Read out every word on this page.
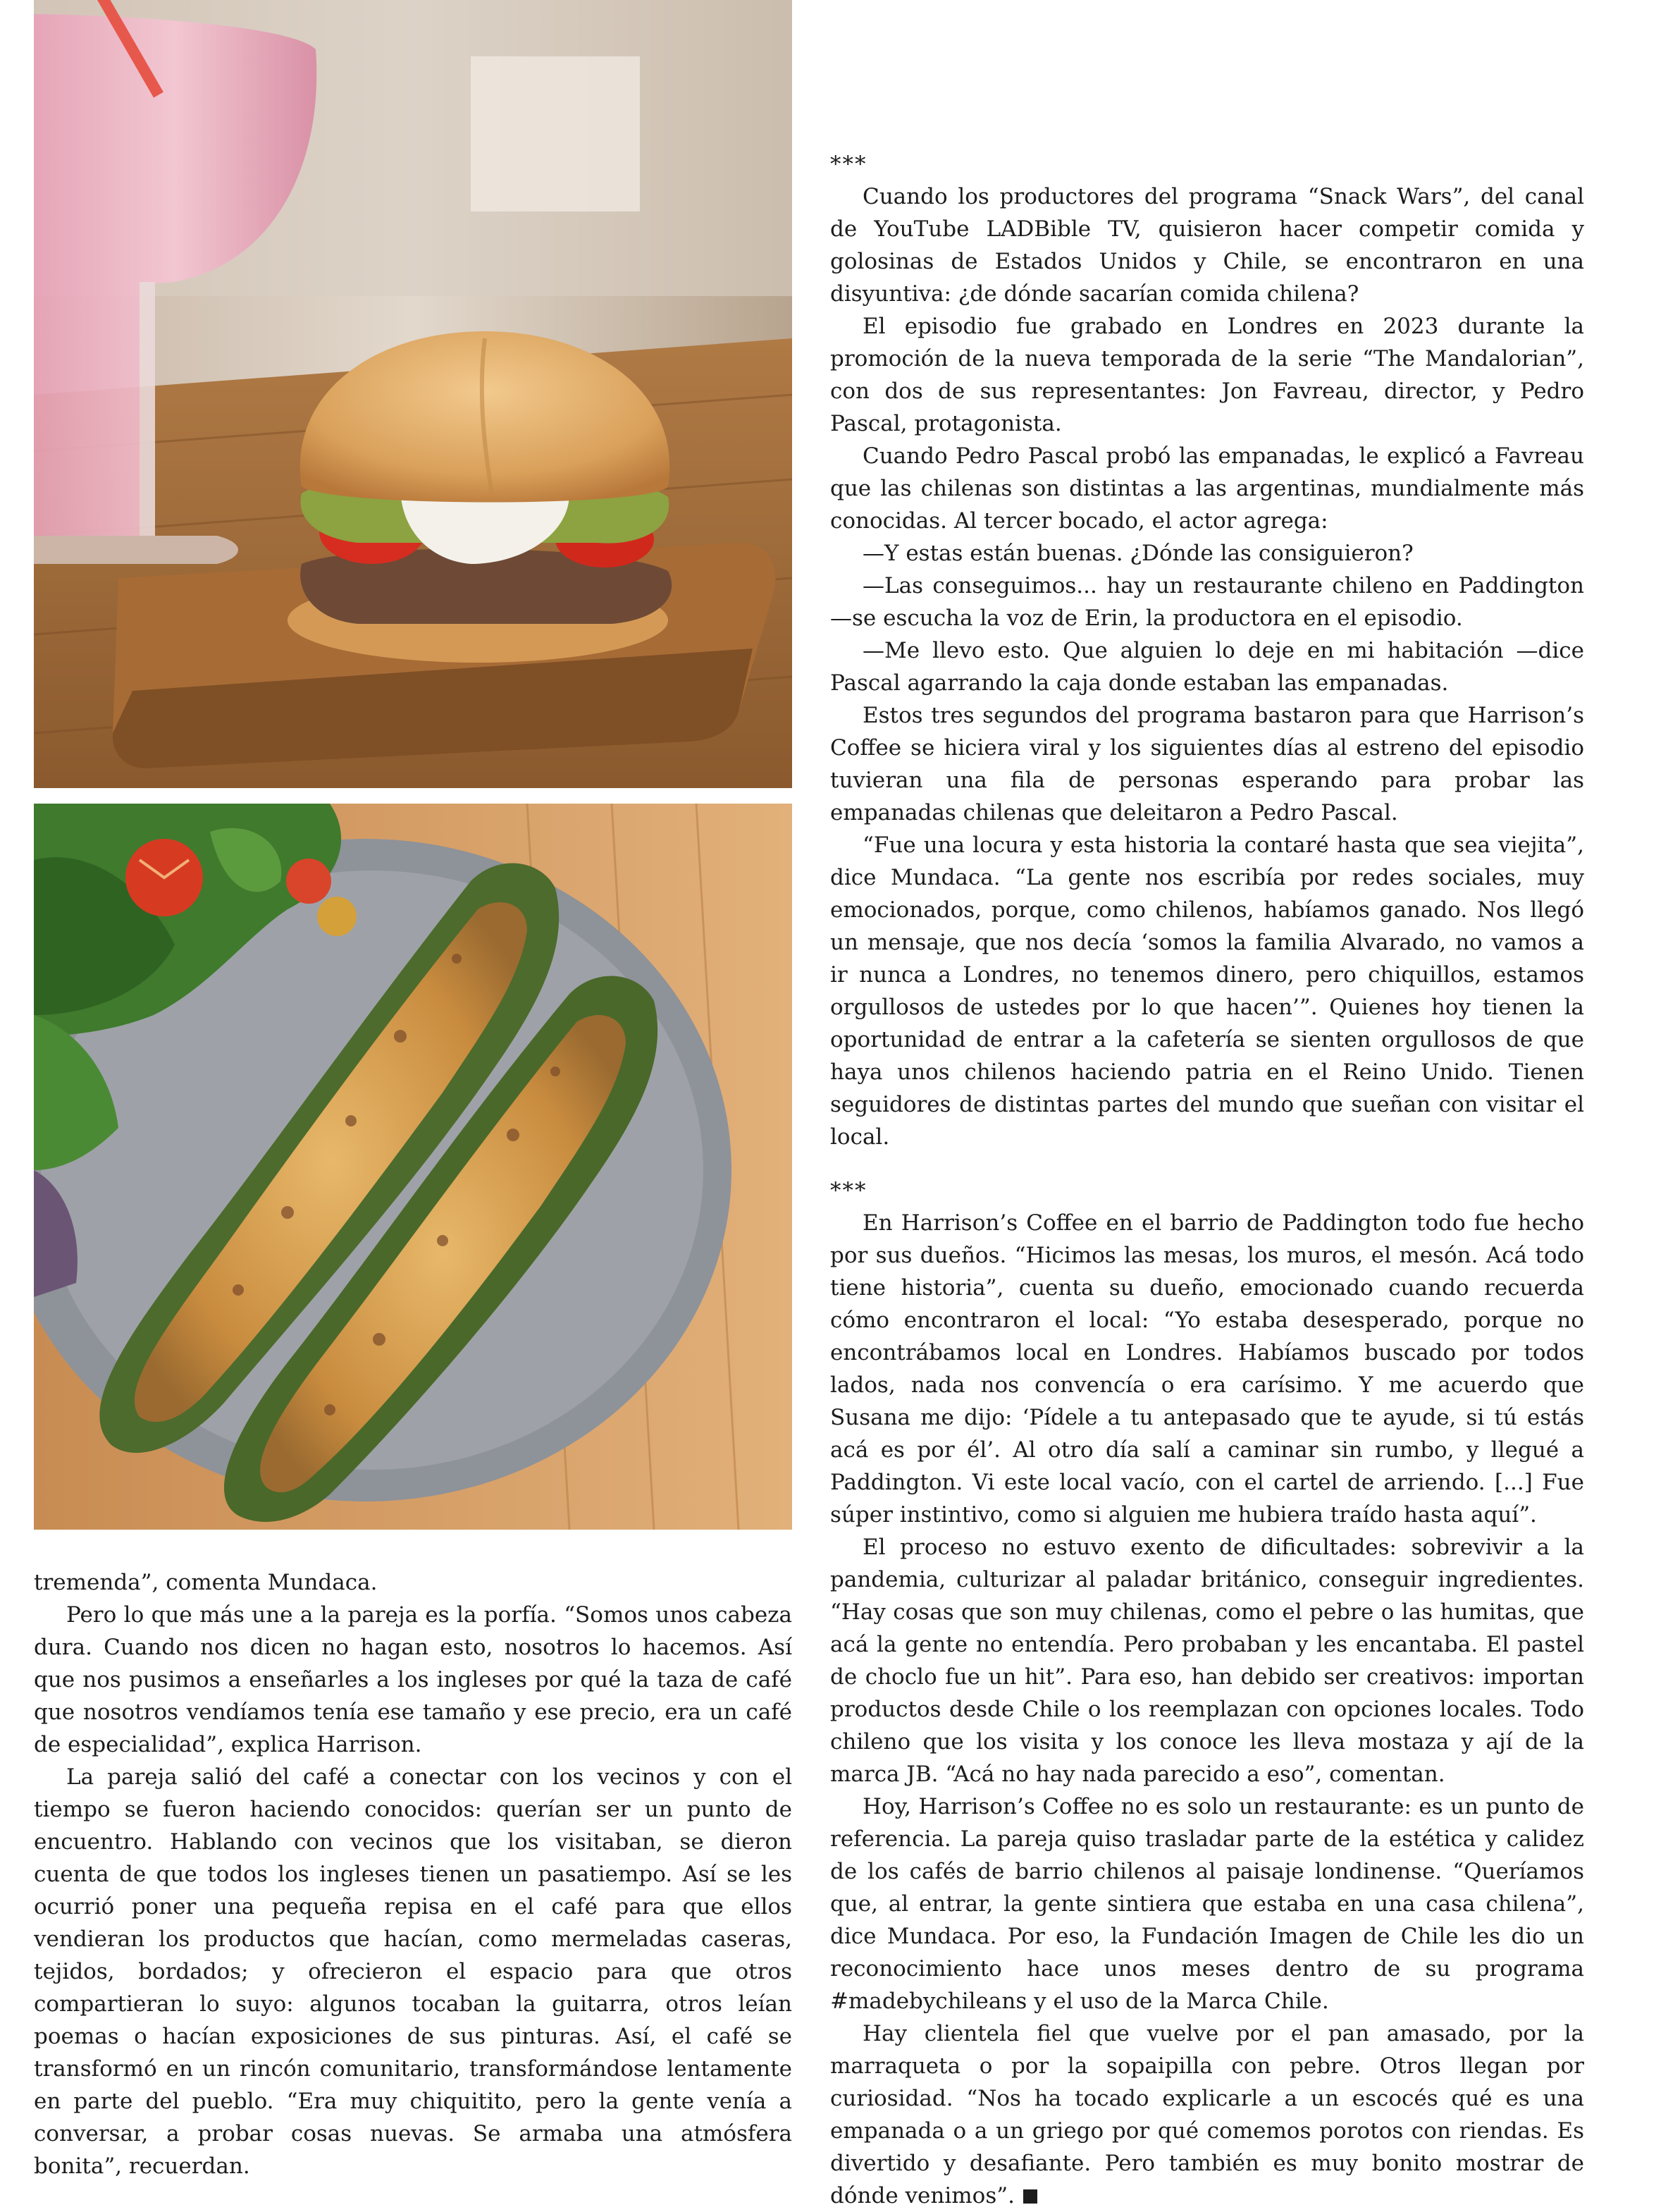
tremenda”, comenta Mundaca.

Pero lo que más une a la pareja es la porfía. “Somos unos cabeza dura. Cuando nos dicen no hagan esto, nosotros lo hacemos. Así que nos pusimos a enseñarles a los ingleses por qué la taza de café que nosotros vendíamos tenía ese tamaño y ese precio, era un café de especialidad”, explica Harrison.

La pareja salió del café a conectar con los vecinos y con el tiempo se fueron haciendo conocidos: querían ser un punto de encuentro. Hablando con vecinos que los visitaban, se dieron cuenta de que todos los ingleses tienen un pasatiempo. Así se les ocurrió poner una pequeña repisa en el café para que ellos vendieran los productos que hacían, como mermeladas caseras, tejidos, bordados; y ofrecieron el espacio para que otros compartieran lo suyo: algunos tocaban la guitarra, otros leían poemas o hacían exposiciones de sus pinturas. Así, el café se transformó en un rincón comunitario, transformándose lentamente en parte del pueblo. “Era muy chiquitito, pero la gente venía a conversar, a probar cosas nuevas. Se armaba una atmósfera bonita”, recuerdan.

***

Cuando los productores del programa “Snack Wars”, del canal de YouTube LADBible TV, quisieron hacer competir comida y golosinas de Estados Unidos y Chile, se encontraron en una disyuntiva: ¿de dónde sacarían comida chilena?

El episodio fue grabado en Londres en 2023 durante la promoción de la nueva temporada de la serie “The Mandalorian”, con dos de sus representantes: Jon Favreau, director, y Pedro Pascal, protagonista.

Cuando Pedro Pascal probó las empanadas, le explicó a Favreau que las chilenas son distintas a las argentinas, mundialmente más conocidas. Al tercer bocado, el actor agrega:

—Y estas están buenas. ¿Dónde las consiguieron?

—Las conseguimos... hay un restaurante chileno en Paddington —se escucha la voz de Erin, la productora en el episodio.

—Me llevo esto. Que alguien lo deje en mi habitación —dice Pascal agarrando la caja donde estaban las empanadas.

Estos tres segundos del programa bastaron para que Harrison’s Coffee se hiciera viral y los siguientes días al estreno del episodio tuvieran una fila de personas esperando para probar las empanadas chilenas que deleitaron a Pedro Pascal.

“Fue una locura y esta historia la contaré hasta que sea viejita”, dice Mundaca. “La gente nos escribía por redes sociales, muy emocionados, porque, como chilenos, habíamos ganado. Nos llegó un mensaje, que nos decía ‘somos la familia Alvarado, no vamos a ir nunca a Londres, no tenemos dinero, pero chiquillos, estamos orgullosos de ustedes por lo que hacen’”. Quienes hoy tienen la oportunidad de entrar a la cafetería se sienten orgullosos de que haya unos chilenos haciendo patria en el Reino Unido. Tienen seguidores de distintas partes del mundo que sueñan con visitar el local.

***

En Harrison’s Coffee en el barrio de Paddington todo fue hecho por sus dueños. “Hicimos las mesas, los muros, el mesón. Acá todo tiene historia”, cuenta su dueño, emocionado cuando recuerda cómo encontraron el local: “Yo estaba desesperado, porque no encontrábamos local en Londres. Habíamos buscado por todos lados, nada nos convencía o era carísimo. Y me acuerdo que Susana me dijo: ‘Pídele a tu antepasado que te ayude, si tú estás acá es por él’. Al otro día salí a caminar sin rumbo, y llegué a Paddington. Vi este local vacío, con el cartel de arriendo. [...] Fue súper instintivo, como si alguien me hubiera traído hasta aquí”.

El proceso no estuvo exento de dificultades: sobrevivir a la pandemia, culturizar al paladar británico, conseguir ingredientes. “Hay cosas que son muy chilenas, como el pebre o las humitas, que acá la gente no entendía. Pero probaban y les encantaba. El pastel de choclo fue un hit”. Para eso, han debido ser creativos: importan productos desde Chile o los reemplazan con opciones locales. Todo chileno que los visita y los conoce les lleva mostaza y ají de la marca JB. “Acá no hay nada parecido a eso”, comentan.

Hoy, Harrison’s Coffee no es solo un restaurante: es un punto de referencia. La pareja quiso trasladar parte de la estética y calidez de los cafés de barrio chilenos al paisaje londinense. “Queríamos que, al entrar, la gente sintiera que estaba en una casa chilena”, dice Mundaca. Por eso, la Fundación Imagen de Chile les dio un reconocimiento hace unos meses dentro de su programa #madebychileans y el uso de la Marca Chile.

Hay clientela fiel que vuelve por el pan amasado, por la marraqueta o por la sopaipilla con pebre. Otros llegan por curiosidad. “Nos ha tocado explicarle a un escocés qué es una empanada o a un griego por qué comemos porotos con riendas. Es divertido y desafiante. Pero también es muy bonito mostrar de dónde venimos”.
